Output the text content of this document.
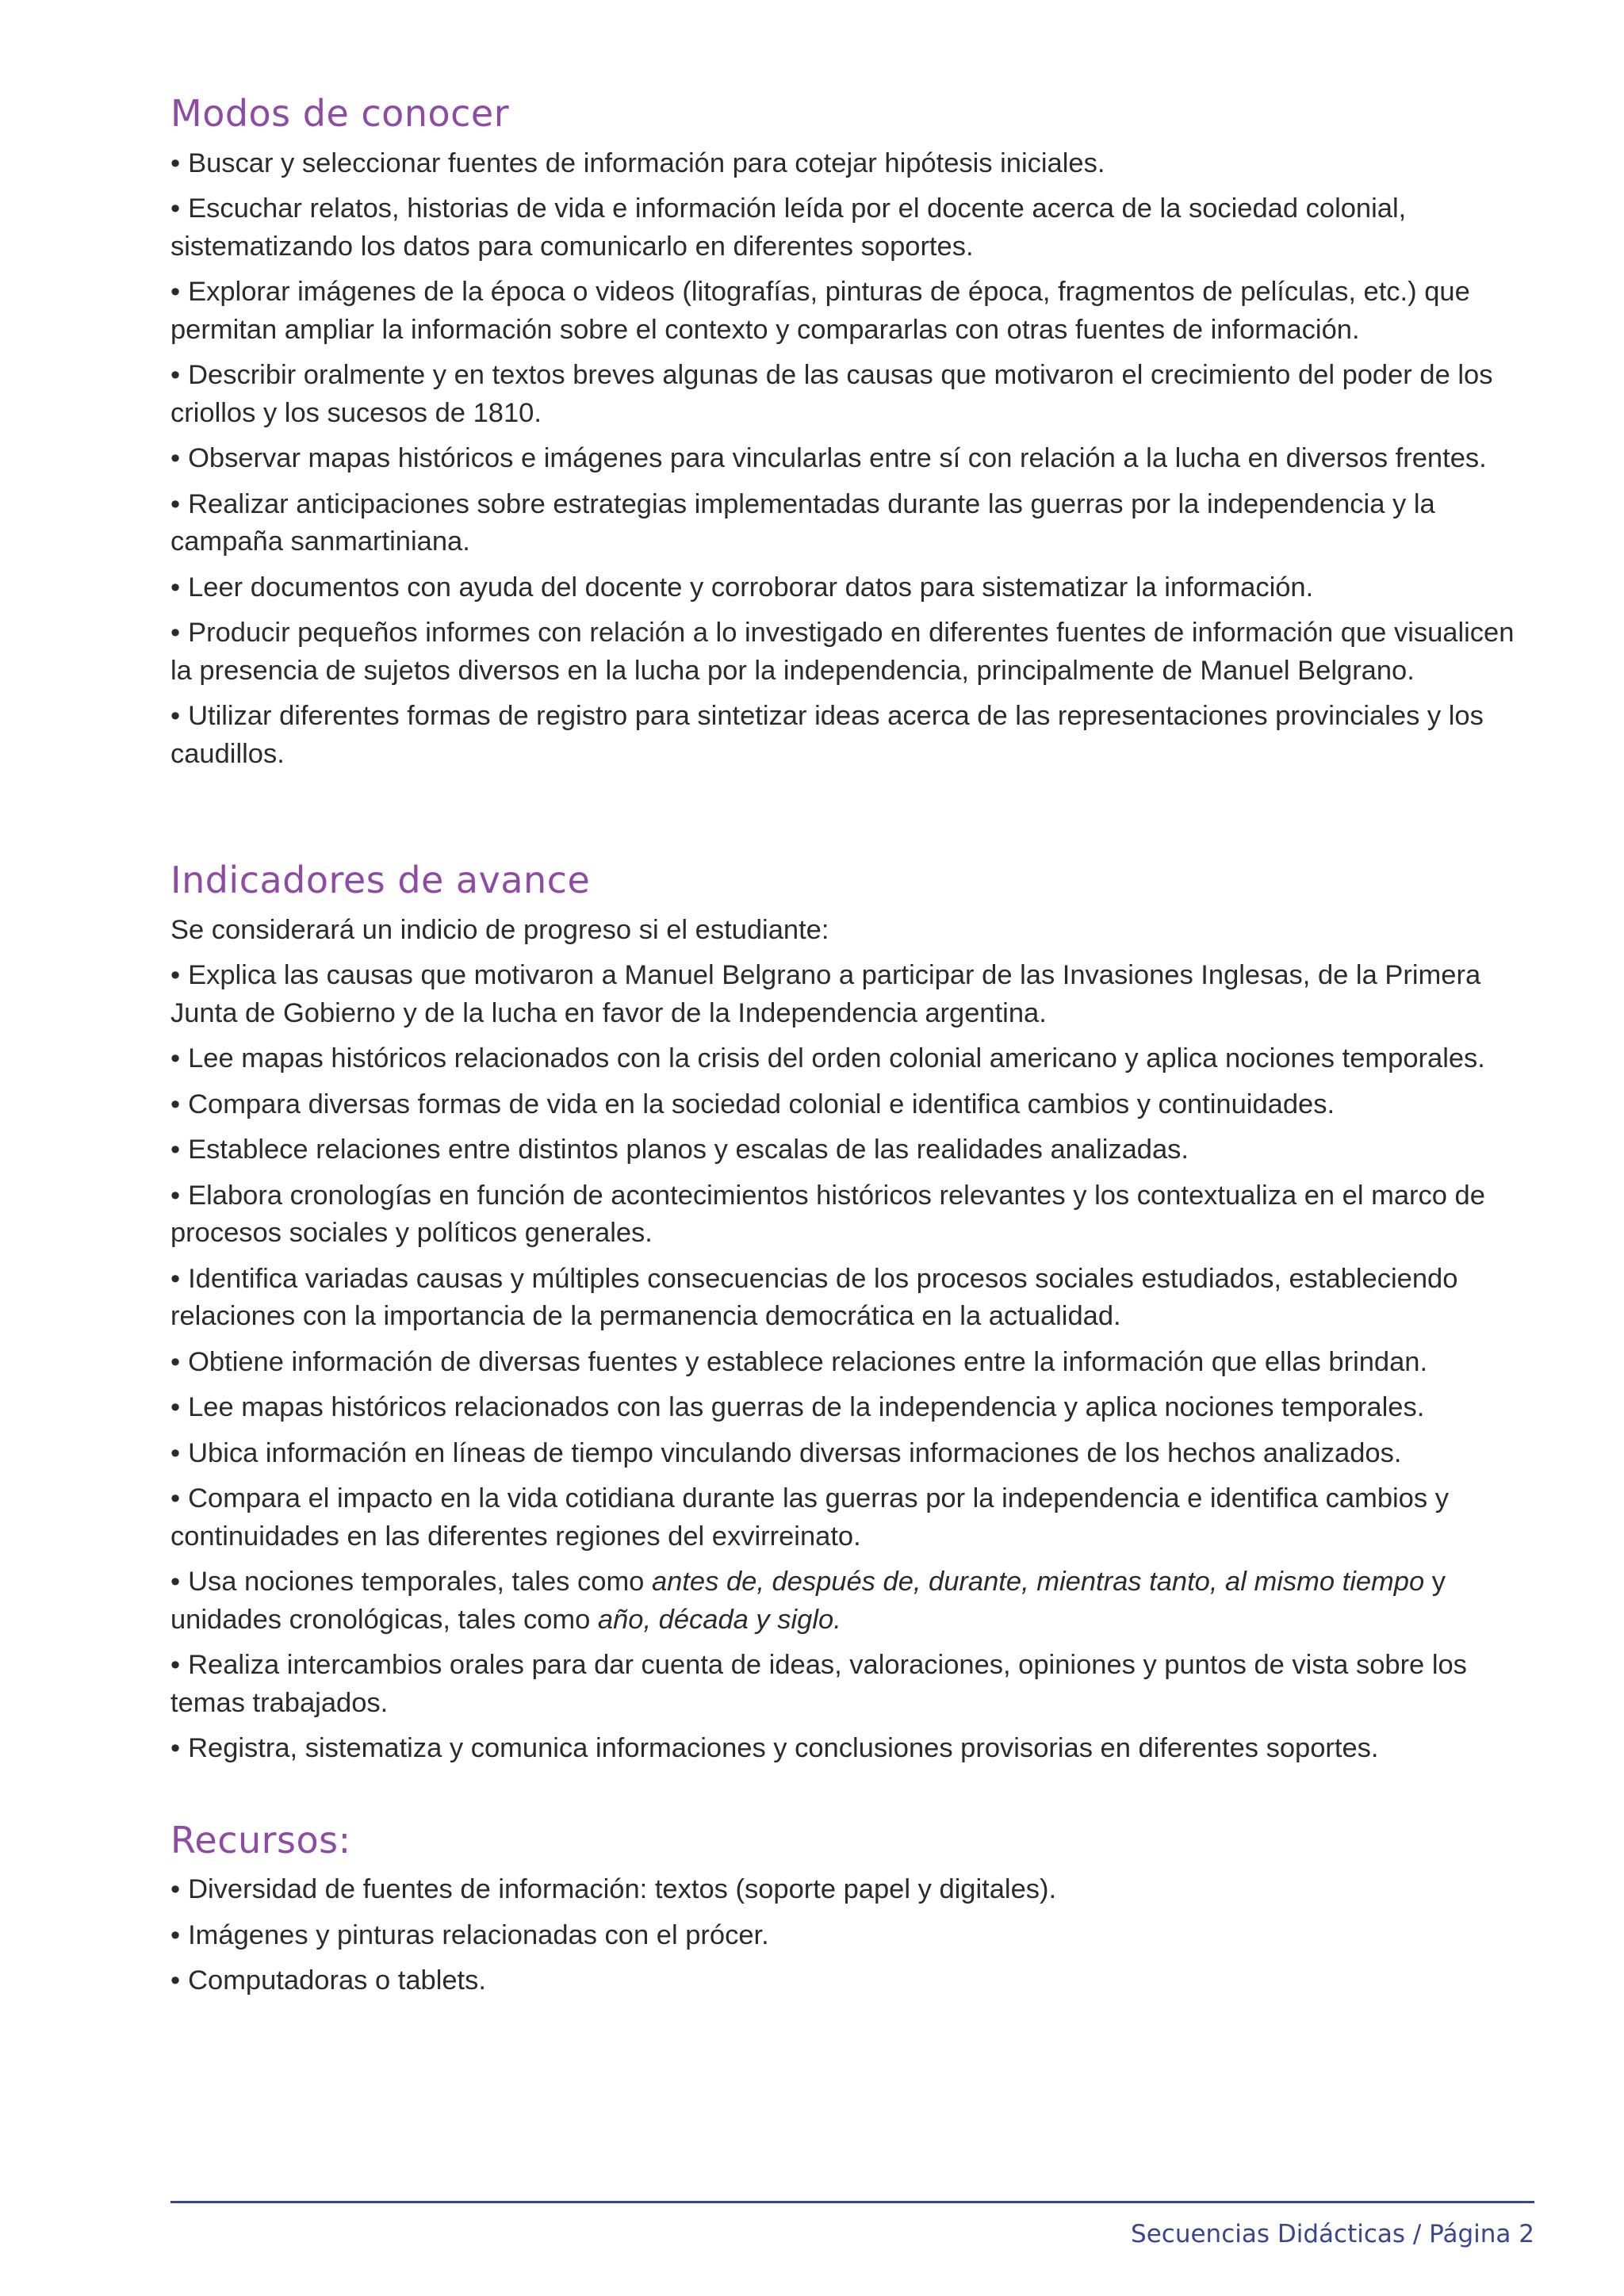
Modos de conocer
• Buscar y seleccionar fuentes de información para cotejar hipótesis iniciales.
• Escuchar relatos, historias de vida e información leída por el docente acerca de la sociedad colonial, sistematizando los datos para comunicarlo en diferentes soportes.
• Explorar imágenes de la época o videos (litografías, pinturas de época, fragmentos de películas, etc.) que permitan ampliar la información sobre el contexto y compararlas con otras fuentes de información.
• Describir oralmente y en textos breves algunas de las causas que motivaron el crecimiento del poder de los criollos y los sucesos de 1810.
• Observar mapas históricos e imágenes para vincularlas entre sí con relación a la lucha en diversos frentes.
• Realizar anticipaciones sobre estrategias implementadas durante las guerras por la independencia y la campaña sanmartiniana.
• Leer documentos con ayuda del docente y corroborar datos para sistematizar la información.
• Producir pequeños informes con relación a lo investigado en diferentes fuentes de información que visualicen la presencia de sujetos diversos en la lucha por la independencia, principalmente de Manuel Belgrano.
• Utilizar diferentes formas de registro para sintetizar ideas acerca de las representaciones provinciales y los caudillos.
Indicadores de avance

Se considerará un indicio de progreso si el estudiante:

• Explica las causas que motivaron a Manuel Belgrano a participar de las Invasiones Inglesas, de la Primera Junta de Gobierno y de la lucha en favor de la Independencia argentina.
• Lee mapas históricos relacionados con la crisis del orden colonial americano y aplica nociones temporales.
• Compara diversas formas de vida en la sociedad colonial e identifica cambios y continuidades.
• Establece relaciones entre distintos planos y escalas de las realidades analizadas.
• Elabora cronologías en función de acontecimientos históricos relevantes y los contextualiza en el marco de procesos sociales y políticos generales.
• Identifica variadas causas y múltiples consecuencias de los procesos sociales estudiados, estableciendo relaciones con la importancia de la permanencia democrática en la actualidad.
• Obtiene información de diversas fuentes y establece relaciones entre la información que ellas brindan.
• Lee mapas históricos relacionados con las guerras de la independencia y aplica nociones temporales.
• Ubica información en líneas de tiempo vinculando diversas informaciones de los hechos analizados.
• Compara el impacto en la vida cotidiana durante las guerras por la independencia e identifica cambios y continuidades en las diferentes regiones del exvirreinato.
• Usa nociones temporales, tales como antes de, después de, durante, mientras tanto, al mismo tiempo y unidades cronológicas, tales como año, década y siglo.
• Realiza intercambios orales para dar cuenta de ideas, valoraciones, opiniones y puntos de vista sobre los temas trabajados.
• Registra, sistematiza y comunica informaciones y conclusiones provisorias en diferentes soportes.
Recursos:
• Diversidad de fuentes de información: textos (soporte papel y digitales).
• Imágenes y pinturas relacionadas con el prócer.
• Computadoras o tablets.
Secuencias Didácticas / Página 2
